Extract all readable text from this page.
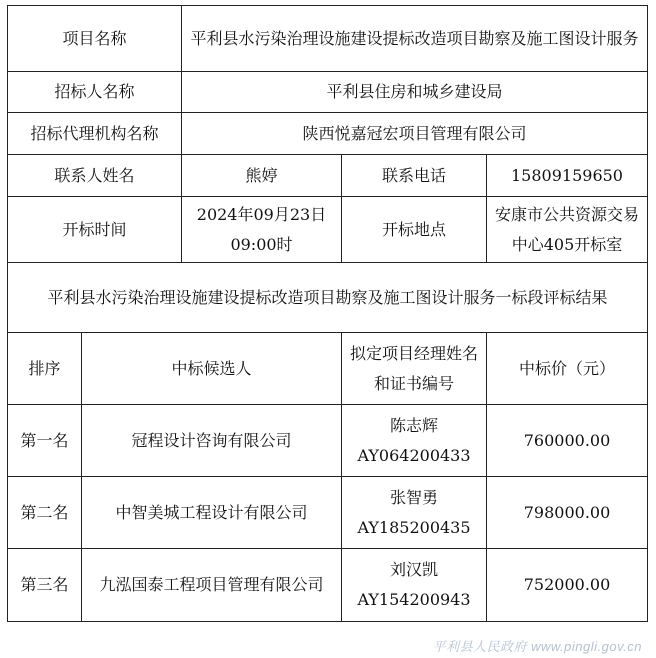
项目名称		平利县水污染治理设施建设提标改造项目勘察及施工图设计服务		
招标人名称		平利县住房和城乡建设局		
招标代理机构名称		陕西悦嘉冠宏项目管理有限公司		
联系人姓名		熊婷	联系电话	15809159650
开标时间		2024年09月23日09:00时	开标地点	安康市公共资源交易中心405开标室
平利县水污染治理设施建设提标改造项目勘察及施工图设计服务一标段评标结果				
排序	中标候选人		拟定项目经理姓名和证书编号	中标价（元）
第一名	冠程设计咨询有限公司		陈志辉 AY064200433	760000.00
第二名	中智美城工程设计有限公司		张智勇 AY185200435	798000.00
第三名	九泓国泰工程项目管理有限公司		刘汉凯 AY154200943	752000.00
平利县人民政府 www.pingli.gov.cn
